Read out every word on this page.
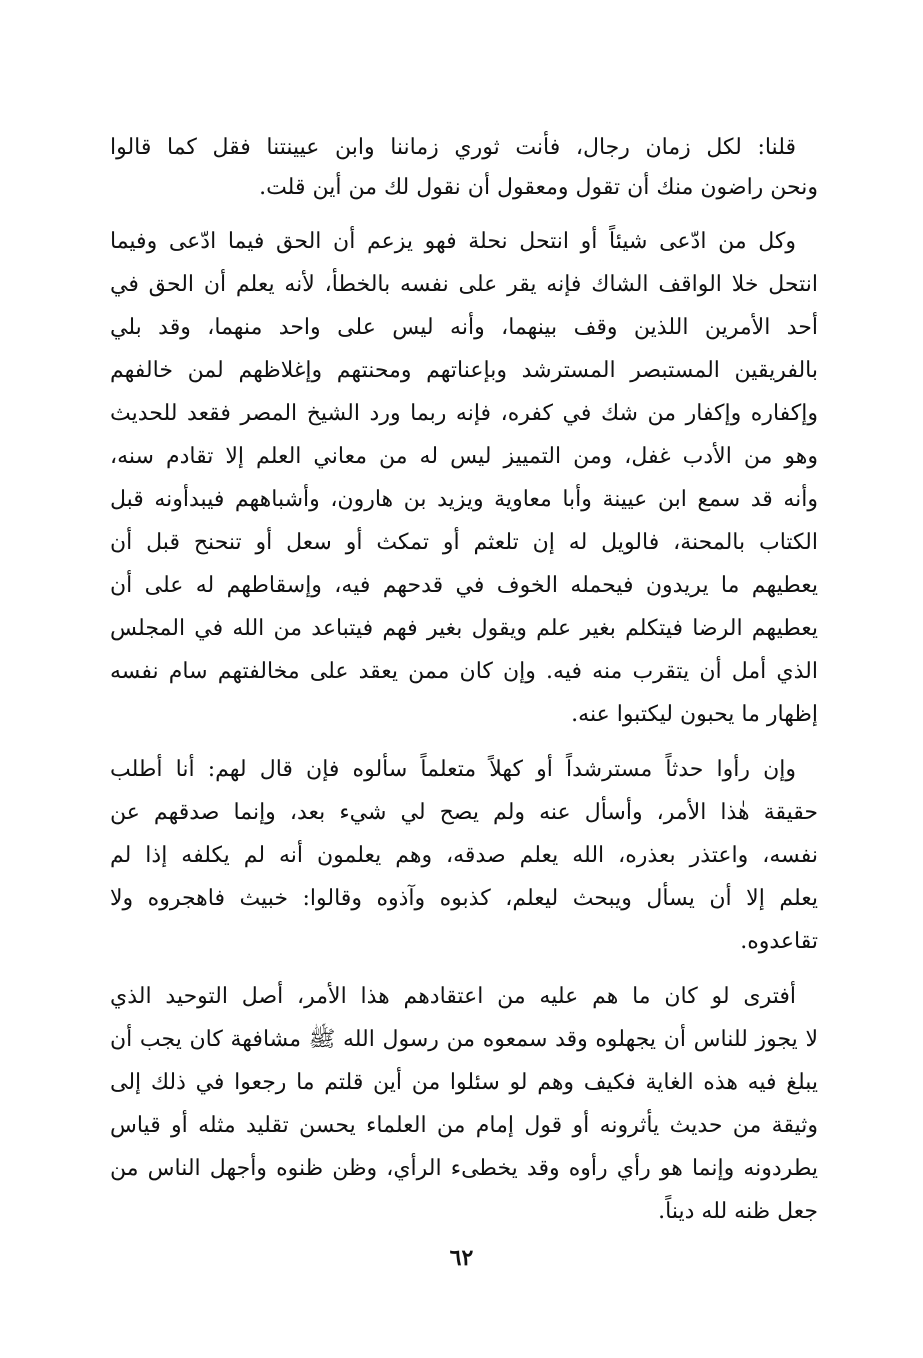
قلنا: لكل زمان رجال، فأنت ثوري زماننا وابن عيينتنا فقل كما قالوا
ونحن راضون منك أن تقول ومعقول أن نقول لك من أين قلت.
وكل من ادّعى شيئاً أو انتحل نحلة فهو يزعم أن الحق فيما ادّعى وفيما
انتحل خلا الواقف الشاك فإنه يقر على نفسه بالخطأ، لأنه يعلم أن الحق في
أحد الأمرين اللذين وقف بينهما، وأنه ليس على واحد منهما، وقد بلي
بالفريقين المستبصر المسترشد وبإعناتهم ومحنتهم وإغلاظهم لمن خالفهم
وإكفاره وإكفار من شك في كفره، فإنه ربما ورد الشيخ المصر فقعد للحديث
وهو من الأدب غفل، ومن التمييز ليس له من معاني العلم إلا تقادم سنه،
وأنه قد سمع ابن عيينة وأبا معاوية ويزيد بن هارون، وأشباههم فيبدأونه قبل
الكتاب بالمحنة، فالويل له إن تلعثم أو تمكث أو سعل أو تنحنح قبل أن
يعطيهم ما يريدون فيحمله الخوف في قدحهم فيه، وإسقاطهم له على أن
يعطيهم الرضا فيتكلم بغير علم ويقول بغير فهم فيتباعد من الله في المجلس
الذي أمل أن يتقرب منه فيه. وإن كان ممن يعقد على مخالفتهم سام نفسه
إظهار ما يحبون ليكتبوا عنه.
وإن رأوا حدثاً مسترشداً أو كهلاً متعلماً سألوه فإن قال لهم: أنا أطلب
حقيقة هٰذا الأمر، وأسأل عنه ولم يصح لي شيء بعد، وإنما صدقهم عن
نفسه، واعتذر بعذره، الله يعلم صدقه، وهم يعلمون أنه لم يكلفه إذا لم
يعلم إلا أن يسأل ويبحث ليعلم، كذبوه وآذوه وقالوا: خبيث فاهجروه ولا
تقاعدوه.
أفترى لو كان ما هم عليه من اعتقادهم هذا الأمر، أصل التوحيد الذي
لا يجوز للناس أن يجهلوه وقد سمعوه من رسول الله ﷺ مشافهة كان يجب أن
يبلغ فيه هذه الغاية فكيف وهم لو سئلوا من أين قلتم ما رجعوا في ذلك إلى
وثيقة من حديث يأثرونه أو قول إمام من العلماء يحسن تقليد مثله أو قياس
يطردونه وإنما هو رأي رأوه وقد يخطىء الرأي، وظن ظنوه وأجهل الناس من
جعل ظنه لله ديناً.
٦٢
